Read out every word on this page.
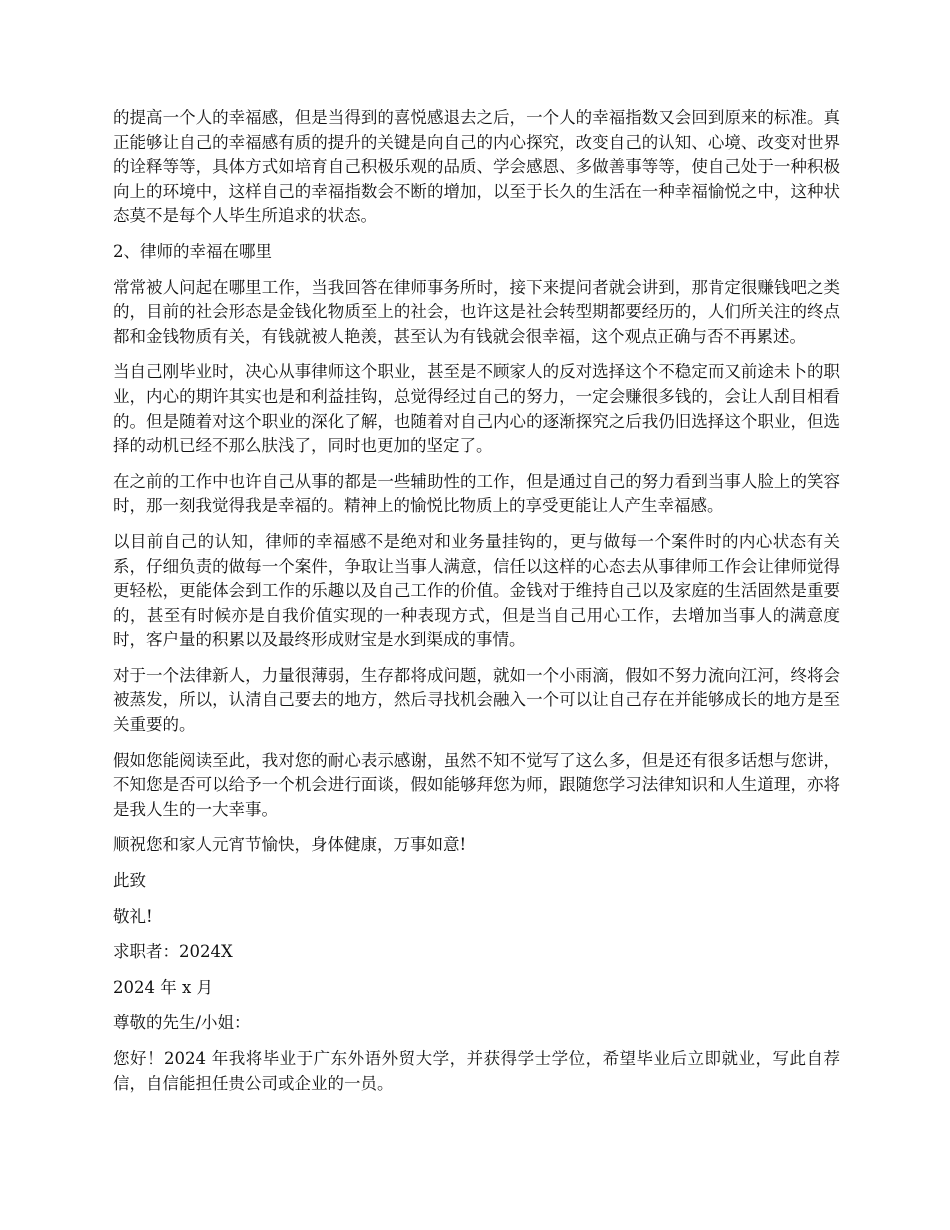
的提高一个人的幸福感，但是当得到的喜悦感退去之后，一个人的幸福指数又会回到原来的标准。真正能够让自己的幸福感有质的提升的关键是向自己的内心探究，改变自己的认知、心境、改变对世界的诠释等等，具体方式如培育自己积极乐观的品质、学会感恩、多做善事等等，使自己处于一种积极向上的环境中，这样自己的幸福指数会不断的增加，以至于长久的生活在一种幸福愉悦之中，这种状态莫不是每个人毕生所追求的状态。

2、律师的幸福在哪里

常常被人问起在哪里工作，当我回答在律师事务所时，接下来提问者就会讲到，那肯定很赚钱吧之类的，目前的社会形态是金钱化物质至上的社会，也许这是社会转型期都要经历的，人们所关注的终点都和金钱物质有关，有钱就被人艳羡，甚至认为有钱就会很幸福，这个观点正确与否不再累述。

当自己刚毕业时，决心从事律师这个职业，甚至是不顾家人的反对选择这个不稳定而又前途未卜的职业，内心的期许其实也是和利益挂钩，总觉得经过自己的努力，一定会赚很多钱的，会让人刮目相看的。但是随着对这个职业的深化了解，也随着对自己内心的逐渐探究之后我仍旧选择这个职业，但选择的动机已经不那么肤浅了，同时也更加的坚定了。

在之前的工作中也许自己从事的都是一些辅助性的工作，但是通过自己的努力看到当事人脸上的笑容时，那一刻我觉得我是幸福的。精神上的愉悦比物质上的享受更能让人产生幸福感。

以目前自己的认知，律师的幸福感不是绝对和业务量挂钩的，更与做每一个案件时的内心状态有关系，仔细负责的做每一个案件，争取让当事人满意，信任以这样的心态去从事律师工作会让律师觉得更轻松，更能体会到工作的乐趣以及自己工作的价值。金钱对于维持自己以及家庭的生活固然是重要的，甚至有时候亦是自我价值实现的一种表现方式，但是当自己用心工作，去增加当事人的满意度时，客户量的积累以及最终形成财宝是水到渠成的事情。

对于一个法律新人，力量很薄弱，生存都将成问题，就如一个小雨滴，假如不努力流向江河，终将会被蒸发，所以，认清自己要去的地方，然后寻找机会融入一个可以让自己存在并能够成长的地方是至关重要的。

假如您能阅读至此，我对您的耐心表示感谢，虽然不知不觉写了这么多，但是还有很多话想与您讲，不知您是否可以给予一个机会进行面谈，假如能够拜您为师，跟随您学习法律知识和人生道理，亦将是我人生的一大幸事。

顺祝您和家人元宵节愉快，身体健康，万事如意!

此致

敬礼!

求职者：2024X

2024 年 x 月

尊敬的先生/小姐：

您好！2024 年我将毕业于广东外语外贸大学，并获得学士学位，希望毕业后立即就业，写此自荐信，自信能担任贵公司或企业的一员。
